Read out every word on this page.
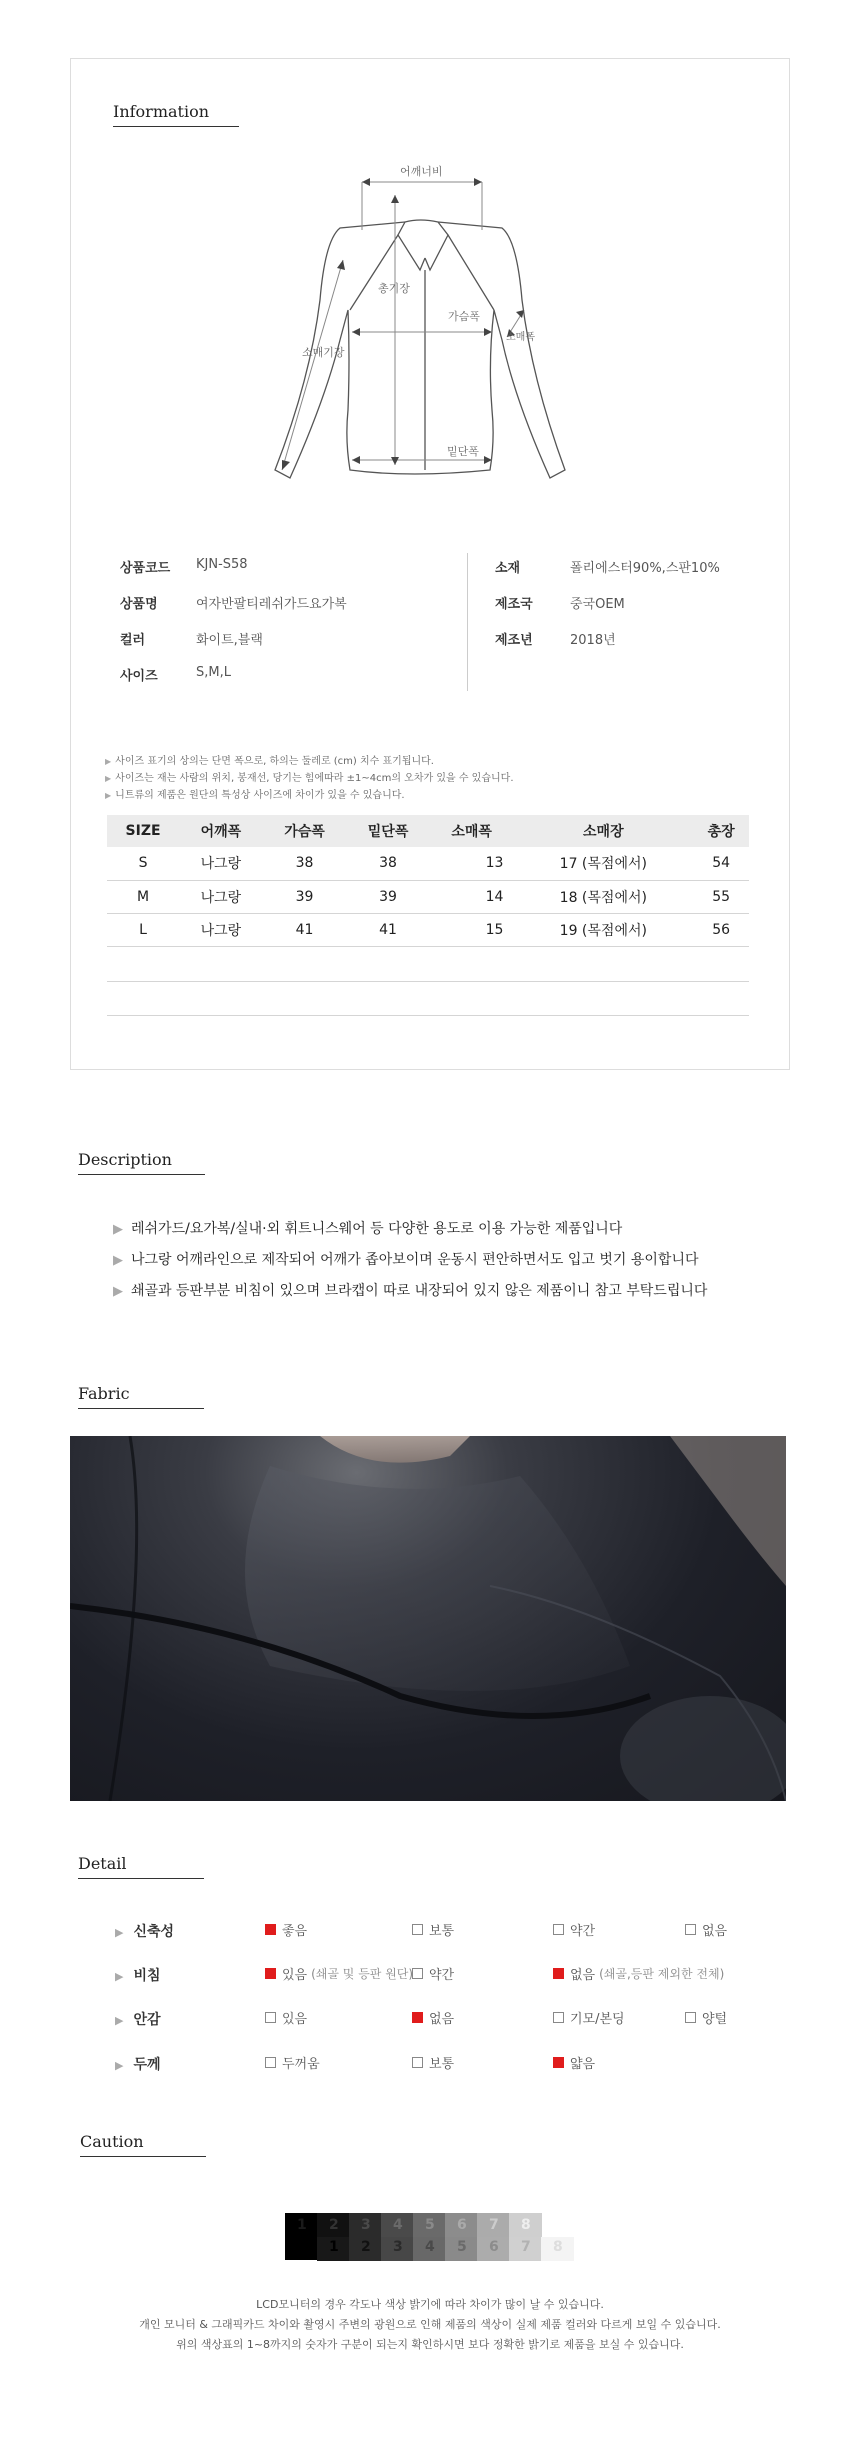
Information
어깨너비
총기장
가슴폭
소매폭
소매기장
밑단폭
상품코드 KJN-S58
상품명	여자반팔티레쉬가드요가복
컬러	화이트,블랙
사이즈	S,M,L
소재	폴리에스터90%,스판10%
제조국	중국OEM
제조년	2018년
▶ 사이즈 표기의 상의는 단면 폭으로, 하의는 둘레로 (cm) 치수 표기됩니다.
▶ 사이즈는 재는 사람의 위치, 봉재선, 당기는 힘에따라 ±1~4cm의 오차가 있을 수 있습니다.
▶ 니트류의 제품은 원단의 특성상 사이즈에 차이가 있을 수 있습니다.
SIZE	어깨폭	가슴폭	밑단폭	소매폭	소매장	총장
S	나그랑	38	38	13	17 (목점에서)	54
M	나그랑	39	39	14	18 (목점에서)	55
L	나그랑	41	41	15	19 (목점에서)	56
Description
▶ 레쉬가드/요가복/실내·외 휘트니스웨어 등 다양한 용도로 이용 가능한 제품입니다
▶ 나그랑 어깨라인으로 제작되어 어깨가 좁아보이며 운동시 편안하면서도 입고 벗기 용이합니다
▶ 쇄골과 등판부분 비침이 있으며 브라캡이 따로 내장되어 있지 않은 제품이니 참고 부탁드립니다
Fabric
Detail
▶ 신축성	좋음	보통	약간	없음
▶ 비침	있음 (쇄골 및 등판 원단) 약간	없음 (쇄골,등판 제외한 전체)
▶ 안감	있음	없음	기모/본딩	양털
▶ 두께	두꺼움	보통	얇음
Caution
1 2
1
3
2
4
3
5
4
6
5
7
6
8
7 8
LCD모니터의 경우 각도나 색상 밝기에 따라 차이가 많이 날 수 있습니다.
개인 모니터 & 그래픽카드 차이와 촬영시 주변의 광원으로 인해 제품의 색상이 실제 제품 컬러와 다르게 보일 수 있습니다.
위의 색상표의 1~8까지의 숫자가 구분이 되는지 확인하시면 보다 정확한 밝기로 제품을 보실 수 있습니다.
